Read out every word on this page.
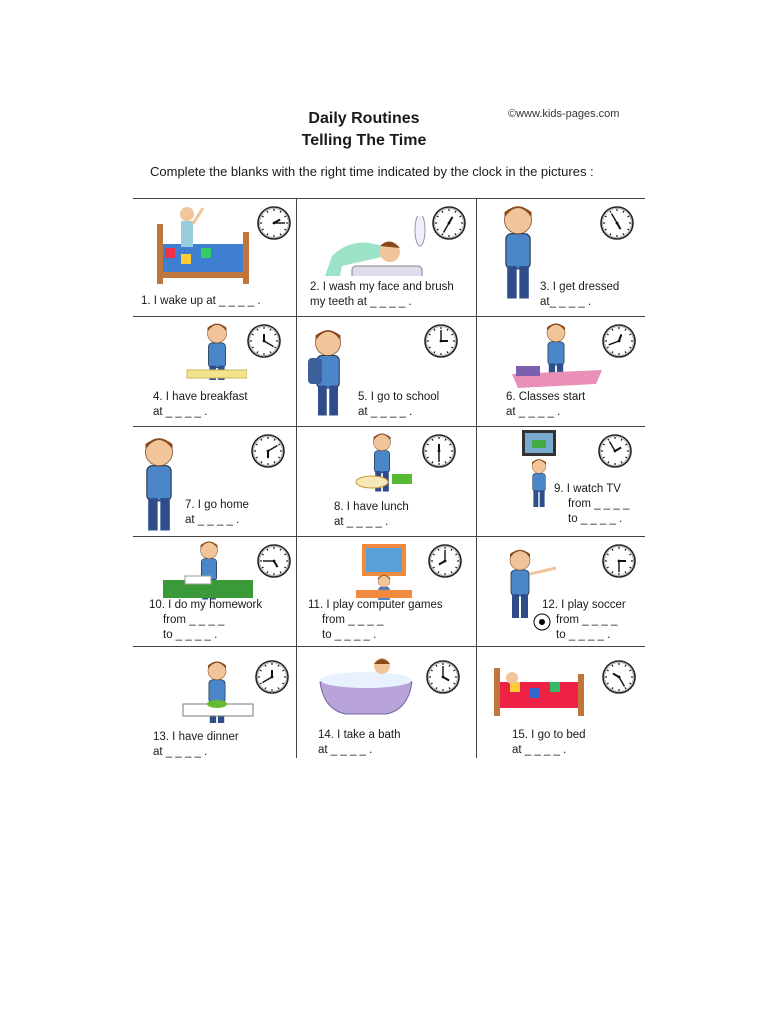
Daily Routines
Telling The Time
©www.kids-pages.com
Complete the blanks with the right time indicated by the clock in the pictures :
1. I wake up at _ _ _ _ .
2. I wash my face and brush
my teeth at _ _ _ _ .
3. I get dressed
at_ _ _ _ .
4. I have breakfast
at _ _ _ _ .
5. I go to school
at _ _ _ _ .
6. Classes start
at _ _ _ _ .
7. I go home
at _ _ _ _ .
8. I have lunch
at _ _ _ _ .
9. I watch TV
from _ _ _ _
to _ _ _ _ .
10. I do my homework
from _ _ _ _
to _ _ _ _ .
11. I play computer games
from _ _ _ _
to _ _ _ _ .
12. I play soccer
from _ _ _ _
to _ _ _ _ .
13. I have dinner
at _ _ _ _ .
14. I take a bath
at _ _ _ _ .
15. I go to bed
at _ _ _ _ .
